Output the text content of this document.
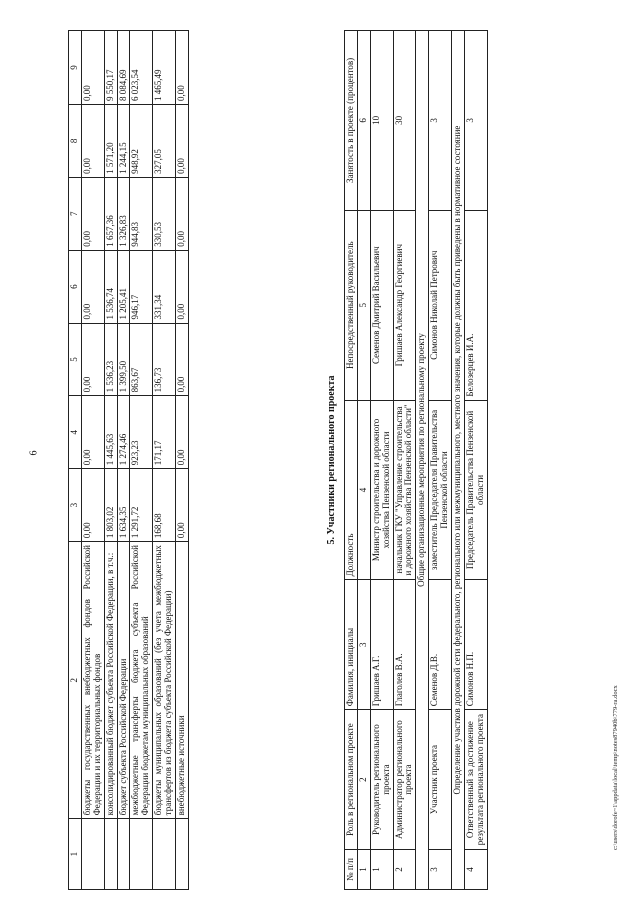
6
c:\users\dorofe~1\appdata\local\temp\notes87940b\779-ra.docx
1	2	3	4	5	6	7	8	9
	бюджеты государственных внебюджетных фондов Российской Федерации и их территориальных фондов	0,00	0,00	0,00	0,00	0,00	0,00	0,00
	консолидированный бюджет субъекта Российской Федерации, в т.ч.:	1 803,02	1 445,63	1 536,23	1 536,74	1 657,36	1 571,20	9 550,17
	бюджет субъекта Российской Федерации	1 634,35	1 274,46	1 399,50	1 205,41	1 326,83	1 244,15	8 084,69
	межбюджетные трансферты бюджета субъекта Российской Федерации бюджетам муниципальных образований	1 291,72	923,23	863,67	946,17	944,83	948,92	6 023,54
	бюджеты муниципальных образований (без учета межбюджетных трансфертов из бюджета субъекта Российской Федерации)	168,68	171,17	136,73	331,34	330,53	327,05	1 465,49
	внебюджетные источники	0,00	0,00	0,00	0,00	0,00	0,00	0,00
5. Участники регионального проекта
№ п/п	Роль в региональном проекте	Фамилия, инициалы	Должность	Непосредственный руководитель	Занятость в проекте (процентов)
1	2	3	4	5	6
1	Руководитель регионального проекта	Гришаев А.Г.	Министр строительства и дорожного хозяйства Пензенской области	Семенов Дмитрий Васильевич	10
2	Администратор регионального проекта	Глаголев В.А.	начальник ГКУ "Управление строительства и дорожного хозяйства Пензенской области"	Гришаев Александр Георгиевич	30
Общие организационные мероприятия по региональному проекту					
3	Участник проекта	Семенов Д.В.	заместитель Председателя Правительства Пензенской области	Симонов Николай Петрович	3
Определение участков дорожной сети федерального, регионального или межмуниципального, местного значения, которые должны быть приведены в нормативное состояние					
4	Ответственный за достижение результата регионального проекта	Симонов Н.П.	Председатель Правительства Пензенской области	Белозерцев И.А.	3
